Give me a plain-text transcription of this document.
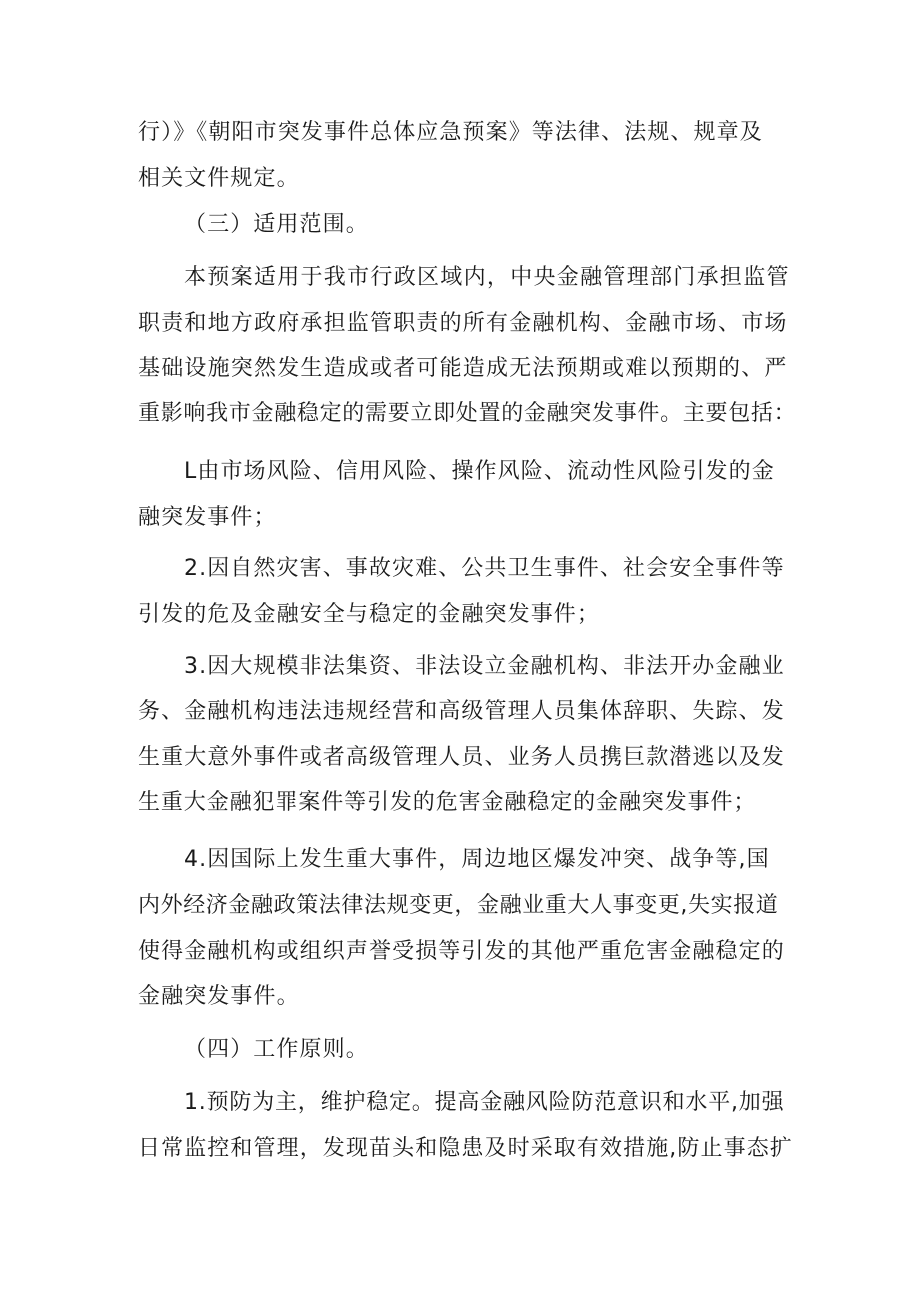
行）》《朝阳市突发事件总体应急预案》等法律、法规、规章及
相关文件规定。
（三）适用范围。
本预案适用于我市行政区域内，中央金融管理部门承担监管
职责和地方政府承担监管职责的所有金融机构、金融市场、市场
基础设施突然发生造成或者可能造成无法预期或难以预期的、严
重影响我市金融稳定的需要立即处置的金融突发事件。主要包括：
L由市场风险、信用风险、操作风险、流动性风险引发的金
融突发事件；
2.因自然灾害、事故灾难、公共卫生事件、社会安全事件等
引发的危及金融安全与稳定的金融突发事件；
3.因大规模非法集资、非法设立金融机构、非法开办金融业
务、金融机构违法违规经营和高级管理人员集体辞职、失踪、发
生重大意外事件或者高级管理人员、业务人员携巨款潜逃以及发
生重大金融犯罪案件等引发的危害金融稳定的金融突发事件；
4.因国际上发生重大事件，周边地区爆发冲突、战争等,国
内外经济金融政策法律法规变更，金融业重大人事变更,失实报道
使得金融机构或组织声誉受损等引发的其他严重危害金融稳定的
金融突发事件。
（四）工作原则。
1.预防为主，维护稳定。提高金融风险防范意识和水平,加强
日常监控和管理，发现苗头和隐患及时采取有效措施,防止事态扩
